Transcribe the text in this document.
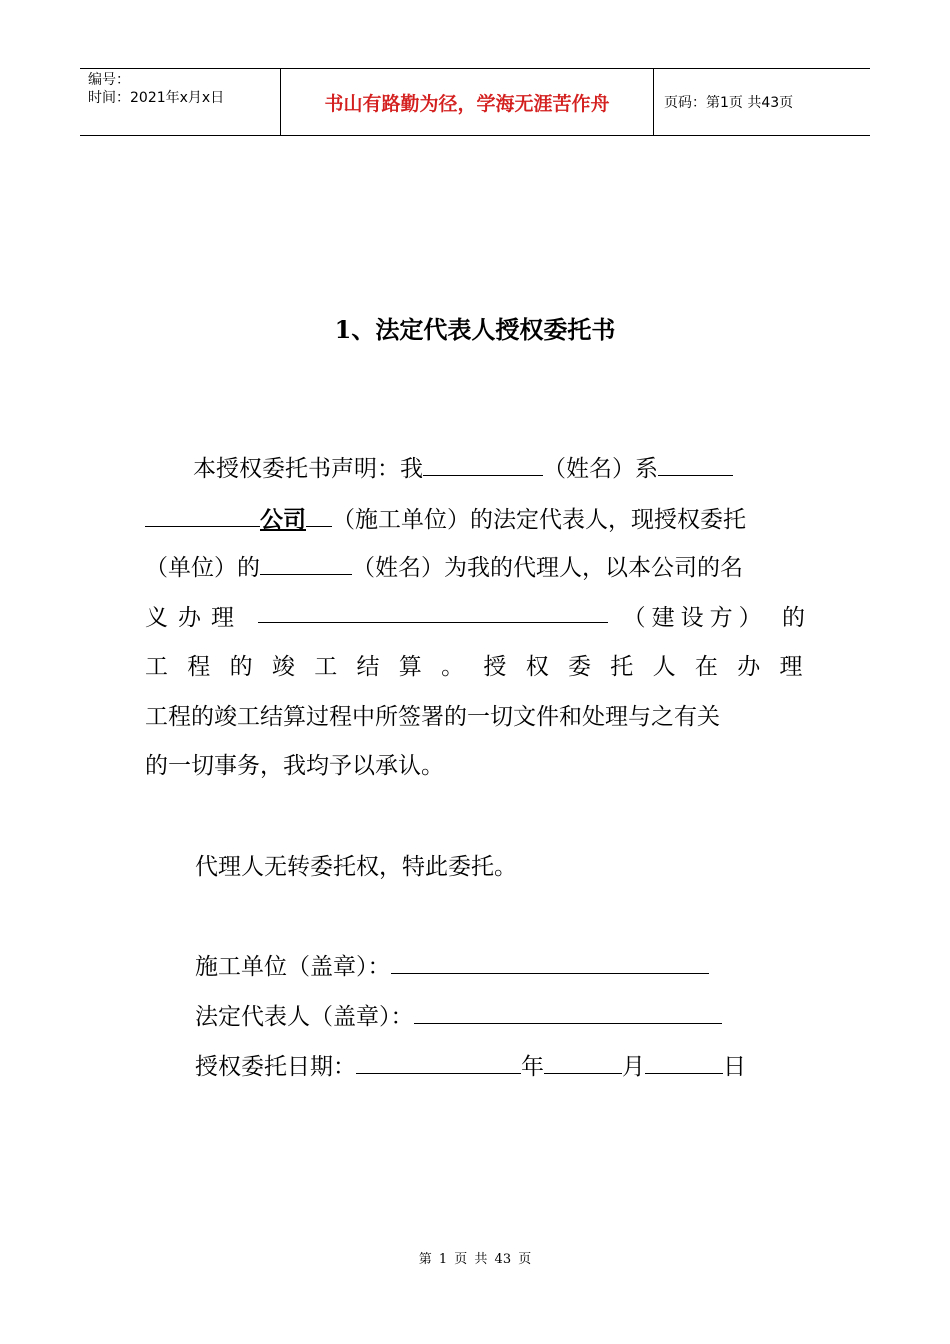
编号：
时间：2021年x月x日	书山有路勤为径，学海无涯苦作舟	页码：第1页 共43页
1、法定代表人授权委托书
本授权委托书声明：我	（姓名）系
公司 （施工单位）的法定代表人，现授权委托
（单位）的	（姓名）为我的代理人，以本公司的名
义办理	（建设方） 的
工程的竣工结算。授权委托人在办理
工程的竣工结算过程中所签署的一切文件和处理与之有关
的一切事务，我均予以承认。
代理人无转委托权，特此委托。
施工单位（盖章）：
法定代表人（盖章）：
授权委托日期：	年	月	日
第 1 页 共 43 页
